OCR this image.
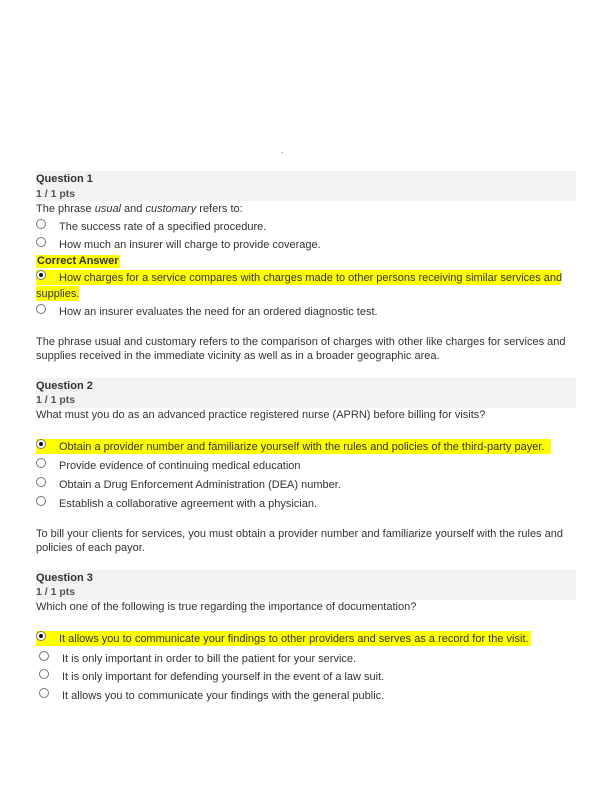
Question 1
1 / 1 pts
The phrase usual and customary refers to:
The success rate of a specified procedure.
How much an insurer will charge to provide coverage.
Correct Answer
How charges for a service compares with charges made to other persons receiving similar services and
supplies.
How an insurer evaluates the need for an ordered diagnostic test.
The phrase usual and customary refers to the comparison of charges with other like charges for services and supplies received in the immediate vicinity as well as in a broader geographic area.
Question 2
1 / 1 pts
What must you do as an advanced practice registered nurse (APRN) before billing for visits?
Obtain a provider number and familiarize yourself with the rules and policies of the third-party payer.
Provide evidence of continuing medical education
Obtain a Drug Enforcement Administration (DEA) number.
Establish a collaborative agreement with a physician.
To bill your clients for services, you must obtain a provider number and familiarize yourself with the rules and policies of each payor.
Question 3
1 / 1 pts
Which one of the following is true regarding the importance of documentation?
It allows you to communicate your findings to other providers and serves as a record for the visit.
It is only important in order to bill the patient for your service.
It is only important for defending yourself in the event of a law suit.
It allows you to communicate your findings with the general public.
